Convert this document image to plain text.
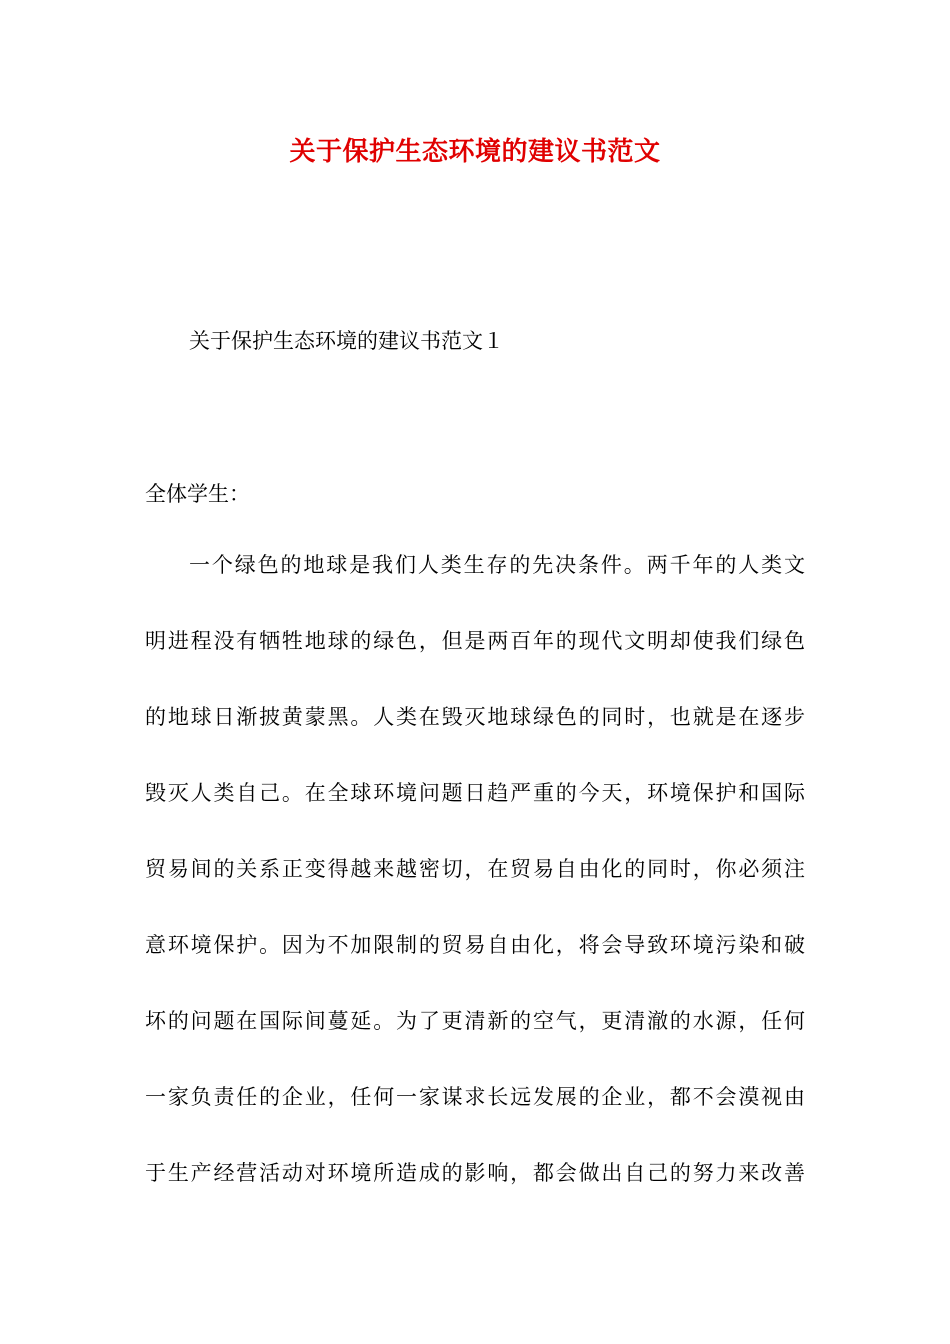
关于保护生态环境的建议书范文

关于保护生态环境的建议书范文１

全体学生：

一个绿色的地球是我们人类生存的先决条件。两千年的人类文
明进程没有牺牲地球的绿色，但是两百年的现代文明却使我们绿色
的地球日渐披黄蒙黑。人类在毁灭地球绿色的同时，也就是在逐步
毁灭人类自己。在全球环境问题日趋严重的今天，环境保护和国际
贸易间的关系正变得越来越密切，在贸易自由化的同时，你必须注
意环境保护。因为不加限制的贸易自由化，将会导致环境污染和破
坏的问题在国际间蔓延。为了更清新的空气，更清澈的水源，任何
一家负责任的企业，任何一家谋求长远发展的企业，都不会漠视由
于生产经营活动对环境所造成的影响，都会做出自己的努力来改善
